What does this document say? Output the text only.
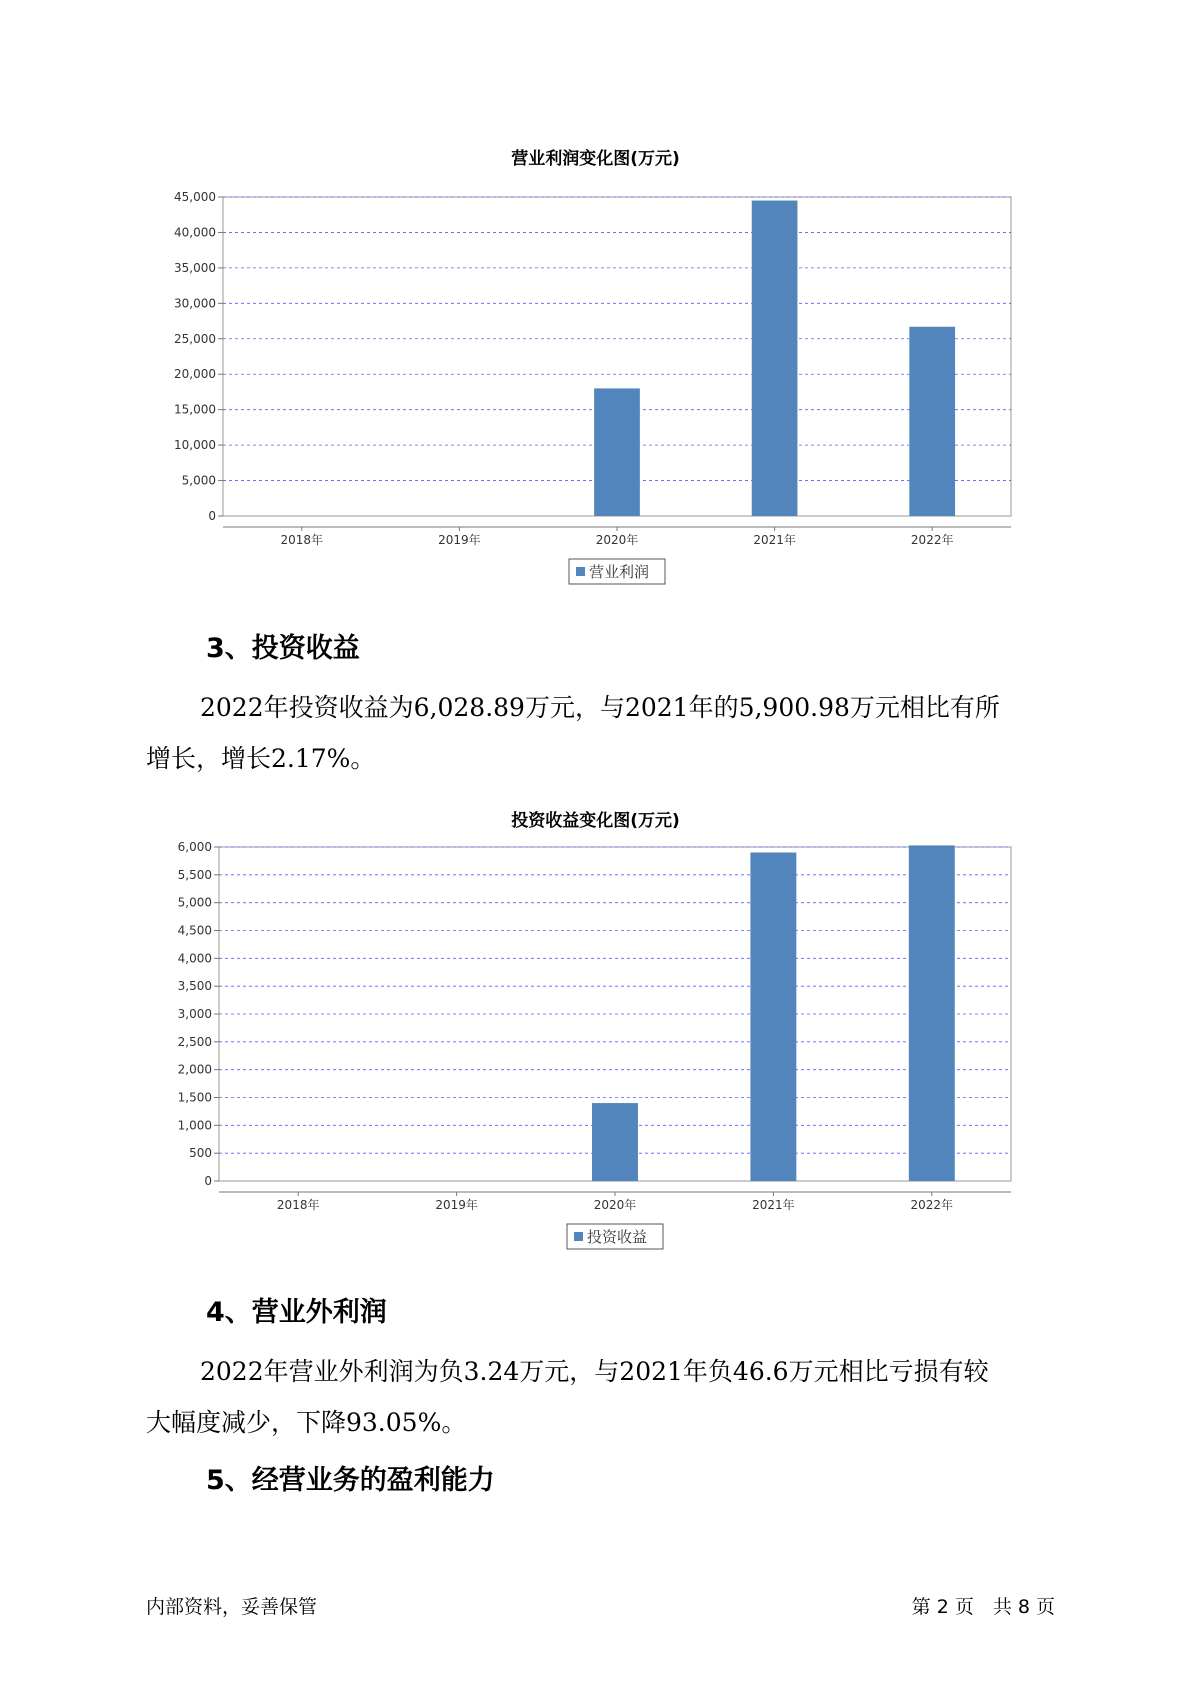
营业利润变化图(万元)
0
5,000
10,000
15,000
20,000
25,000
30,000
35,000
40,000
45,000
2018年	2019年	2020年	2021年	2022年
营业利润
3、投资收益

2022年投资收益为6,028.89万元，与2021年的5,900.98万元相比有所
增长，增长2.17%。

投资收益变化图(万元)
0
500
1,000
1,500
2,000
2,500
3,000
3,500
4,000
4,500
5,000
5,500
6,000
2018年	2019年	2020年	2021年	2022年
投资收益
4、营业外利润

2022年营业外利润为负3.24万元，与2021年负46.6万元相比亏损有较
大幅度减少，下降93.05%。

5、经营业务的盈利能力
内部资料，妥善保管	第 2 页　共 8 页
